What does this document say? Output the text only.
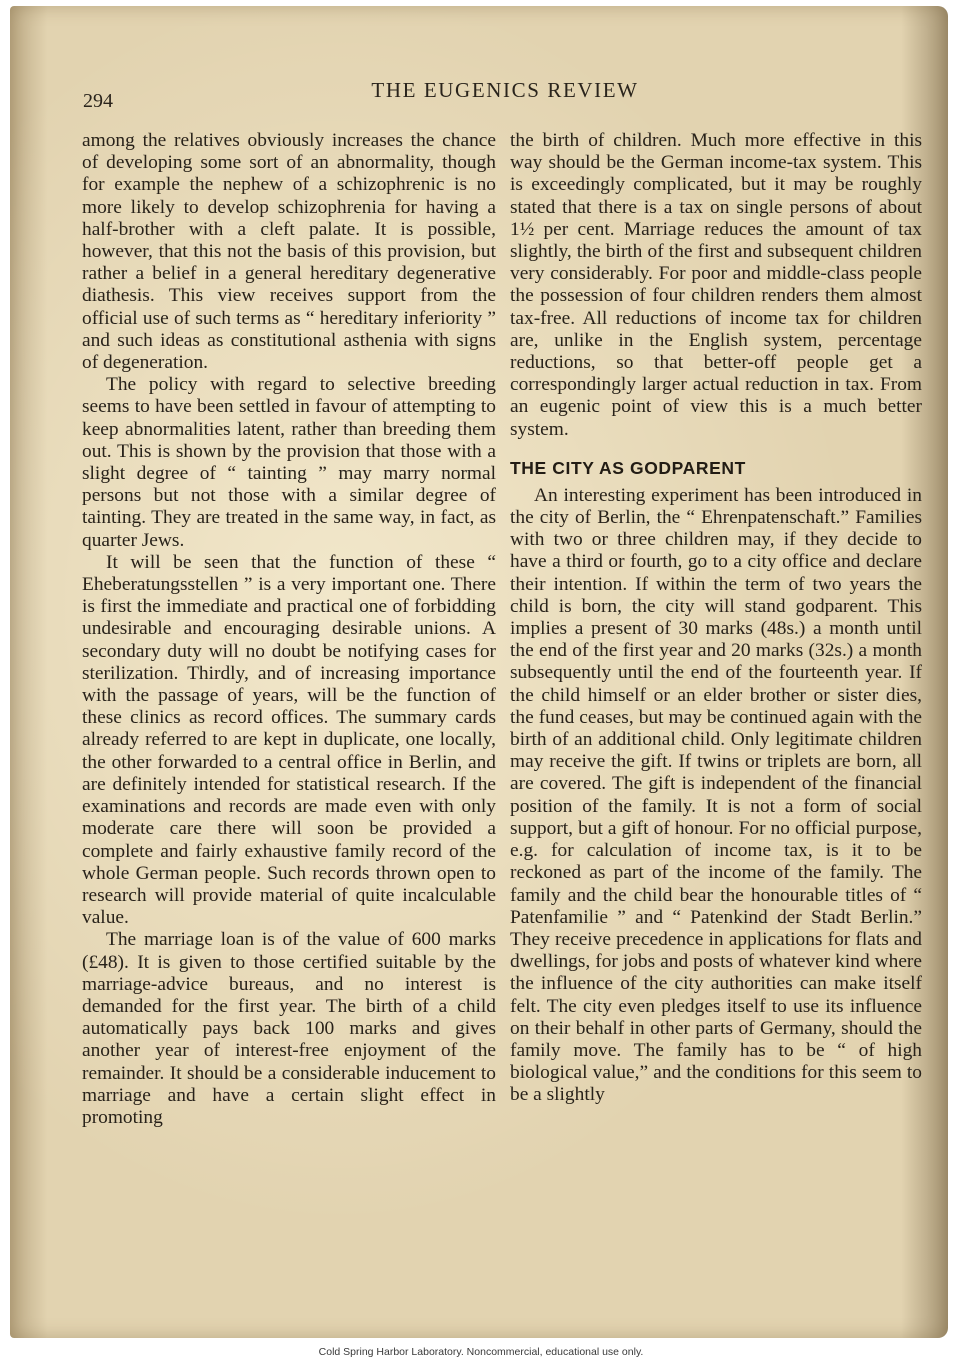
294	THE EUGENICS REVIEW

among the relatives obviously increases the chance of developing some sort of an abnormality, though for example the nephew of a schizophrenic is no more likely to develop schizophrenia for having a half-brother with a cleft palate. It is possible, however, that this not the basis of this provision, but rather a belief in a general hereditary degenerative diathesis. This view receives support from the official use of such terms as “ hereditary inferiority ” and such ideas as constitutional asthenia with signs of degeneration.

The policy with regard to selective breeding seems to have been settled in favour of attempting to keep abnormalities latent, rather than breeding them out. This is shown by the provision that those with a slight degree of “ tainting ” may marry normal persons but not those with a similar degree of tainting. They are treated in the same way, in fact, as quarter Jews.

It will be seen that the function of these “ Eheberatungsstellen ” is a very important one. There is first the immediate and practical one of forbidding undesirable and encouraging desirable unions. A secondary duty will no doubt be notifying cases for sterilization. Thirdly, and of increasing importance with the passage of years, will be the function of these clinics as record offices. The summary cards already referred to are kept in duplicate, one locally, the other forwarded to a central office in Berlin, and are definitely intended for statistical research. If the examinations and records are made even with only moderate care there will soon be provided a complete and fairly exhaustive family record of the whole German people. Such records thrown open to research will provide material of quite incalculable value.

The marriage loan is of the value of 600 marks (£48). It is given to those certified suitable by the marriage-advice bureaus, and no interest is demanded for the first year. The birth of a child automatically pays back 100 marks and gives another year of interest-free enjoyment of the remainder. It should be a considerable inducement to marriage and have a certain slight effect in promoting

the birth of children. Much more effective in this way should be the German income-tax system. This is exceedingly complicated, but it may be roughly stated that there is a tax on single persons of about 1½ per cent. Marriage reduces the amount of tax slightly, the birth of the first and subsequent children very considerably. For poor and middle-class people the possession of four children renders them almost tax-free. All reductions of income tax for children are, unlike in the English system, percentage reductions, so that better-off people get a correspondingly larger actual reduction in tax. From an eugenic point of view this is a much better system.

THE CITY AS GODPARENT

An interesting experiment has been introduced in the city of Berlin, the “ Ehrenpatenschaft.” Families with two or three children may, if they decide to have a third or fourth, go to a city office and declare their intention. If within the term of two years the child is born, the city will stand godparent. This implies a present of 30 marks (48s.) a month until the end of the first year and 20 marks (32s.) a month subsequently until the end of the fourteenth year. If the child himself or an elder brother or sister dies, the fund ceases, but may be continued again with the birth of an additional child. Only legitimate children may receive the gift. If twins or triplets are born, all are covered. The gift is independent of the financial position of the family. It is not a form of social support, but a gift of honour. For no official purpose, e.g. for calculation of income tax, is it to be reckoned as part of the income of the family. The family and the child bear the honourable titles of “ Patenfamilie ” and “ Patenkind der Stadt Berlin.” They receive precedence in applications for flats and dwellings, for jobs and posts of whatever kind where the influence of the city authorities can make itself felt. The city even pledges itself to use its influence on their behalf in other parts of Germany, should the family move. The family has to be “ of high biological value,” and the conditions for this seem to be a slightly

Cold Spring Harbor Laboratory. Noncommercial, educational use only.
